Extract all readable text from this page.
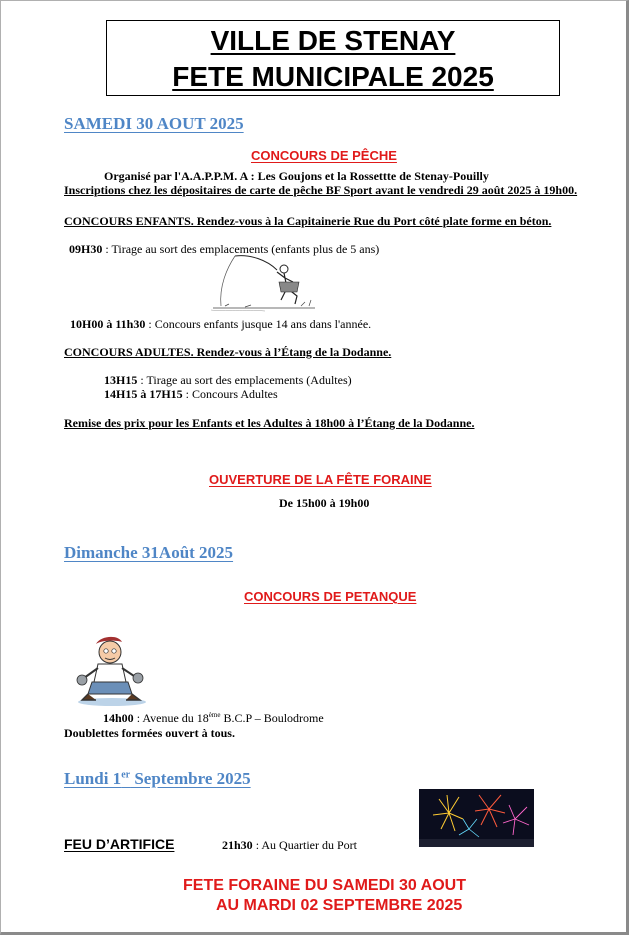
VILLE DE STENAY
FETE MUNICIPALE 2025
SAMEDI 30 AOUT 2025
CONCOURS DE PÊCHE
Organisé par l'A.A.P.P.M. A : Les Goujons et la Rossettte de Stenay-Pouilly
Inscriptions chez les dépositaires de carte de pêche BF Sport avant le vendredi 29 août 2025 à 19h00.
CONCOURS ENFANTS. Rendez-vous à la Capitainerie Rue du Port côté plate forme en béton.
09H30 : Tirage au sort des emplacements (enfants plus de 5 ans)
10H00 à 11h30 : Concours enfants jusque 14 ans dans l'année.
CONCOURS ADULTES. Rendez-vous à l’Étang de la Dodanne.
13H15 : Tirage au sort des emplacements (Adultes)
14H15 à 17H15 : Concours Adultes
Remise des prix pour les Enfants et les Adultes à 18h00 à l’Étang de la Dodanne.
OUVERTURE DE LA FÊTE FORAINE
De 15h00 à 19h00
Dimanche 31Août 2025
CONCOURS DE PETANQUE
14h00 : Avenue du 18ème B.C.P – Boulodrome
Doublettes formées ouvert à tous.
Lundi 1er Septembre 2025
FEU D’ARTIFICE	21h30 : Au Quartier du Port
FETE FORAINE DU SAMEDI 30 AOUT
AU MARDI 02 SEPTEMBRE 2025
